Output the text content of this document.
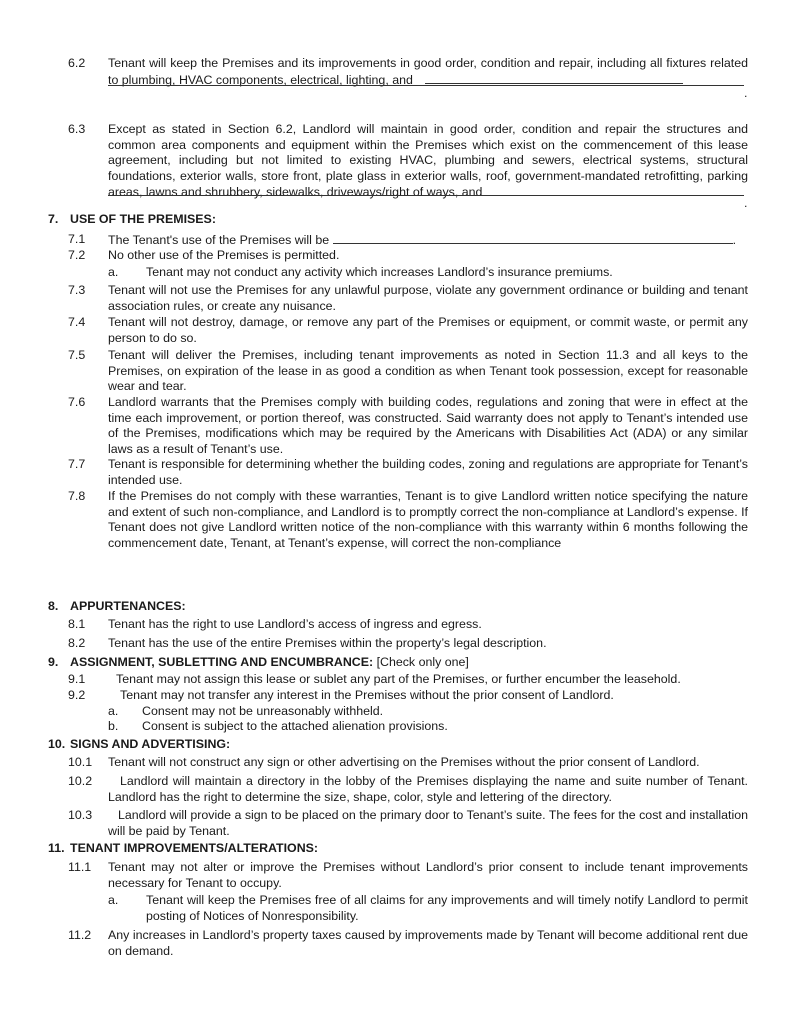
6.2 Tenant will keep the Premises and its improvements in good order, condition and repair, including all fixtures related to plumbing, HVAC components, electrical, lighting, and

.

6.3 Except as stated in Section 6.2, Landlord will maintain in good order, condition and repair the structures and common area components and equipment within the Premises which exist on the commencement of this lease agreement, including but not limited to existing HVAC, plumbing and sewers, electrical systems, structural foundations, exterior walls, store front, plate glass in exterior walls, roof, government-mandated retrofitting, parking areas, lawns and shrubbery, sidewalks, driveways/right of ways, and

.

7. USE OF THE PREMISES:

7.1 The Tenant's use of the Premises will be	.

7.2 No other use of the Premises is permitted.

a. Tenant may not conduct any activity which increases Landlord’s insurance premiums.

7.3 Tenant will not use the Premises for any unlawful purpose, violate any government ordinance or building and tenant association rules, or create any nuisance.

7.4 Tenant will not destroy, damage, or remove any part of the Premises or equipment, or commit waste, or permit any person to do so.

7.5 Tenant will deliver the Premises, including tenant improvements as noted in Section 11.3 and all keys to the Premises, on expiration of the lease in as good a condition as when Tenant took possession, except for reasonable wear and tear.

7.6 Landlord warrants that the Premises comply with building codes, regulations and zoning that were in effect at the time each improvement, or portion thereof, was constructed. Said warranty does not apply to Tenant’s intended use of the Premises, modifications which may be required by the Americans with Disabilities Act (ADA) or any similar laws as a result of Tenant’s use.

7.7 Tenant is responsible for determining whether the building codes, zoning and regulations are appropriate for Tenant’s intended use.

7.8 If the Premises do not comply with these warranties, Tenant is to give Landlord written notice specifying the nature and extent of such non-compliance, and Landlord is to promptly correct the non-compliance at Landlord’s expense. If Tenant does not give Landlord written notice of the non-compliance with this warranty within 6 months following the commencement date, Tenant, at Tenant’s expense, will correct the non-compliance

8. APPURTENANCES:

8.1 Tenant has the right to use Landlord’s access of ingress and egress.

8.2 Tenant has the use of the entire Premises within the property’s legal description.

9. ASSIGNMENT, SUBLETTING AND ENCUMBRANCE: [Check only one]

9.1 Tenant may not assign this lease or sublet any part of the Premises, or further encumber the leasehold.

9.2	Tenant may not transfer any interest in the Premises without the prior consent of Landlord.

a. Consent may not be unreasonably withheld.

b. Consent is subject to the attached alienation provisions.

10. SIGNS AND ADVERTISING:

10.1 Tenant will not construct any sign or other advertising on the Premises without the prior consent of Landlord.

10.2 Landlord will maintain a directory in the lobby of the Premises displaying the name and suite number of Tenant. Landlord has the right to determine the size, shape, color, style and lettering of the directory.

10.3 Landlord will provide a sign to be placed on the primary door to Tenant’s suite. The fees for the cost and installation will be paid by Tenant.

11. TENANT IMPROVEMENTS/ALTERATIONS:

11.1 Tenant may not alter or improve the Premises without Landlord’s prior consent to include tenant improvements necessary for Tenant to occupy.

a. Tenant will keep the Premises free of all claims for any improvements and will timely notify Landlord to permit posting of Notices of Nonresponsibility.

11.2 Any increases in Landlord’s property taxes caused by improvements made by Tenant will become additional rent due on demand.
